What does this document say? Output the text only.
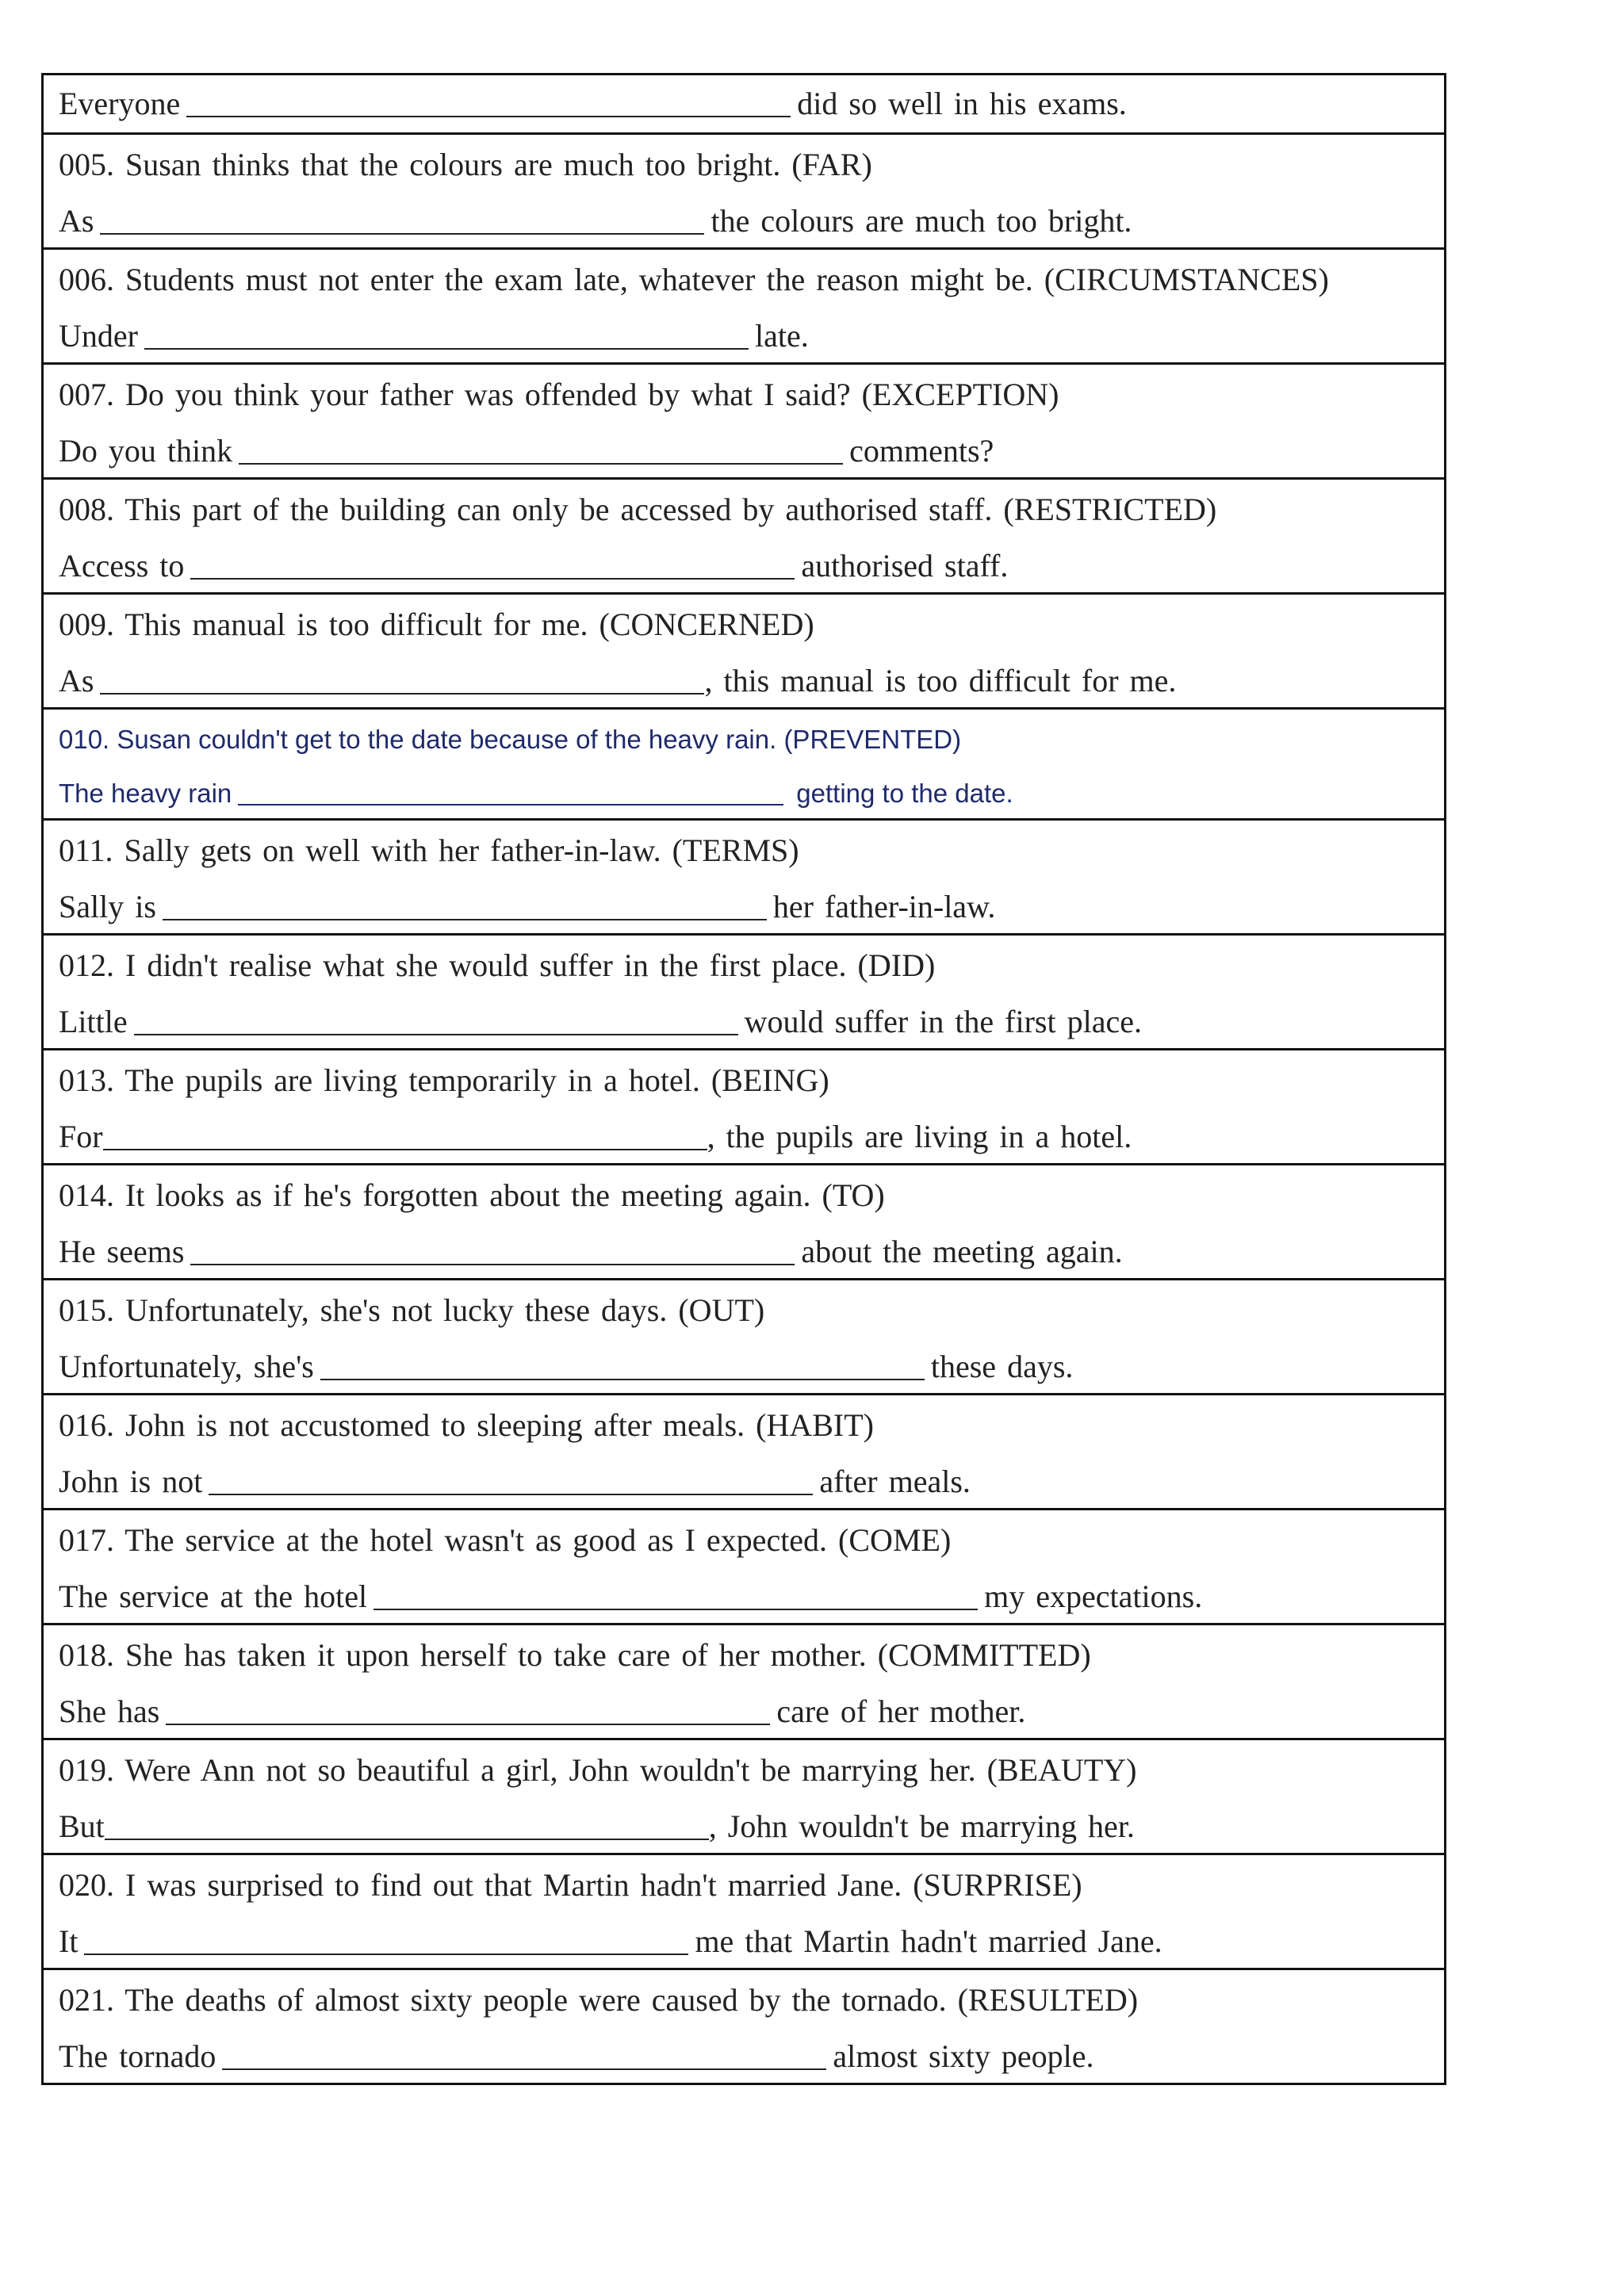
Everyone	did so well in his exams.
005. Susan thinks that the colours are much too bright. (FAR)
As	the colours are much too bright.
006. Students must not enter the exam late, whatever the reason might be. (CIRCUMSTANCES)
Under	late.
007. Do you think your father was offended by what I said? (EXCEPTION)
Do you think	comments?
008. This part of the building can only be accessed by authorised staff. (RESTRICTED)
Access to	authorised staff.
009. This manual is too difficult for me. (CONCERNED)
As	, this manual is too difficult for me.
010. Susan couldn't get to the date because of the heavy rain. (PREVENTED)
The heavy rain	getting to the date.
011. Sally gets on well with her father-in-law. (TERMS)
Sally is	her father-in-law.
012. I didn't realise what she would suffer in the first place. (DID)
Little	would suffer in the first place.
013. The pupils are living temporarily in a hotel. (BEING)
For	, the pupils are living in a hotel.
014. It looks as if he's forgotten about the meeting again. (TO)
He seems	about the meeting again.
015. Unfortunately, she's not lucky these days. (OUT)
Unfortunately, she's	these days.
016. John is not accustomed to sleeping after meals. (HABIT)
John is not	after meals.
017. The service at the hotel wasn't as good as I expected. (COME)
The service at the hotel	my expectations.
018. She has taken it upon herself to take care of her mother. (COMMITTED)
She has	care of her mother.
019. Were Ann not so beautiful a girl, John wouldn't be marrying her. (BEAUTY)
But	, John wouldn't be marrying her.
020. I was surprised to find out that Martin hadn't married Jane. (SURPRISE)
It	me that Martin hadn't married Jane.
021. The deaths of almost sixty people were caused by the tornado. (RESULTED)
The tornado	almost sixty people.
